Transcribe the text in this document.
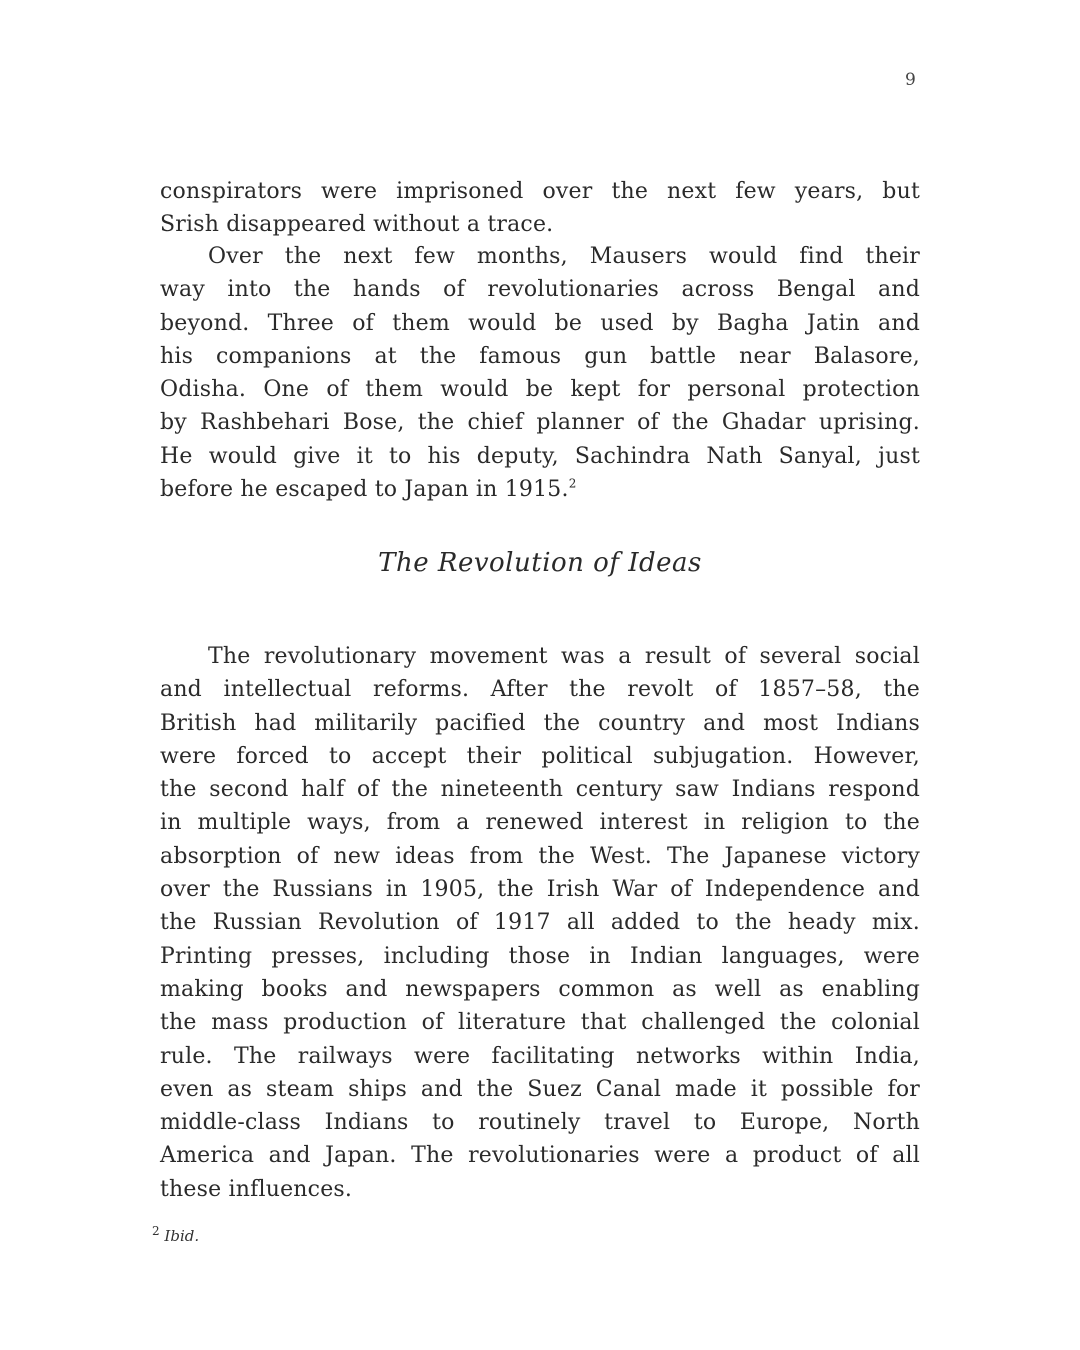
9
conspirators were imprisoned over the next few years, but
Srish disappeared without a trace.
Over the next few months, Mausers would find their
way into the hands of revolutionaries across Bengal and
beyond. Three of them would be used by Bagha Jatin and
his companions at the famous gun battle near Balasore,
Odisha. One of them would be kept for personal protection
by Rashbehari Bose, the chief planner of the Ghadar uprising.
He would give it to his deputy, Sachindra Nath Sanyal, just
before he escaped to Japan in 1915.$^2$
The Revolution of Ideas
The revolutionary movement was a result of several social
and intellectual reforms. After the revolt of 1857–58, the
British had militarily pacified the country and most Indians
were forced to accept their political subjugation. However,
the second half of the nineteenth century saw Indians respond
in multiple ways, from a renewed interest in religion to the
absorption of new ideas from the West. The Japanese victory
over the Russians in 1905, the Irish War of Independence and
the Russian Revolution of 1917 all added to the heady mix.
Printing presses, including those in Indian languages, were
making books and newspapers common as well as enabling
the mass production of literature that challenged the colonial
rule. The railways were facilitating networks within India,
even as steam ships and the Suez Canal made it possible for
middle-class Indians to routinely travel to Europe, North
America and Japan. The revolutionaries were a product of all
these influences.
$^2$ Ibid.
